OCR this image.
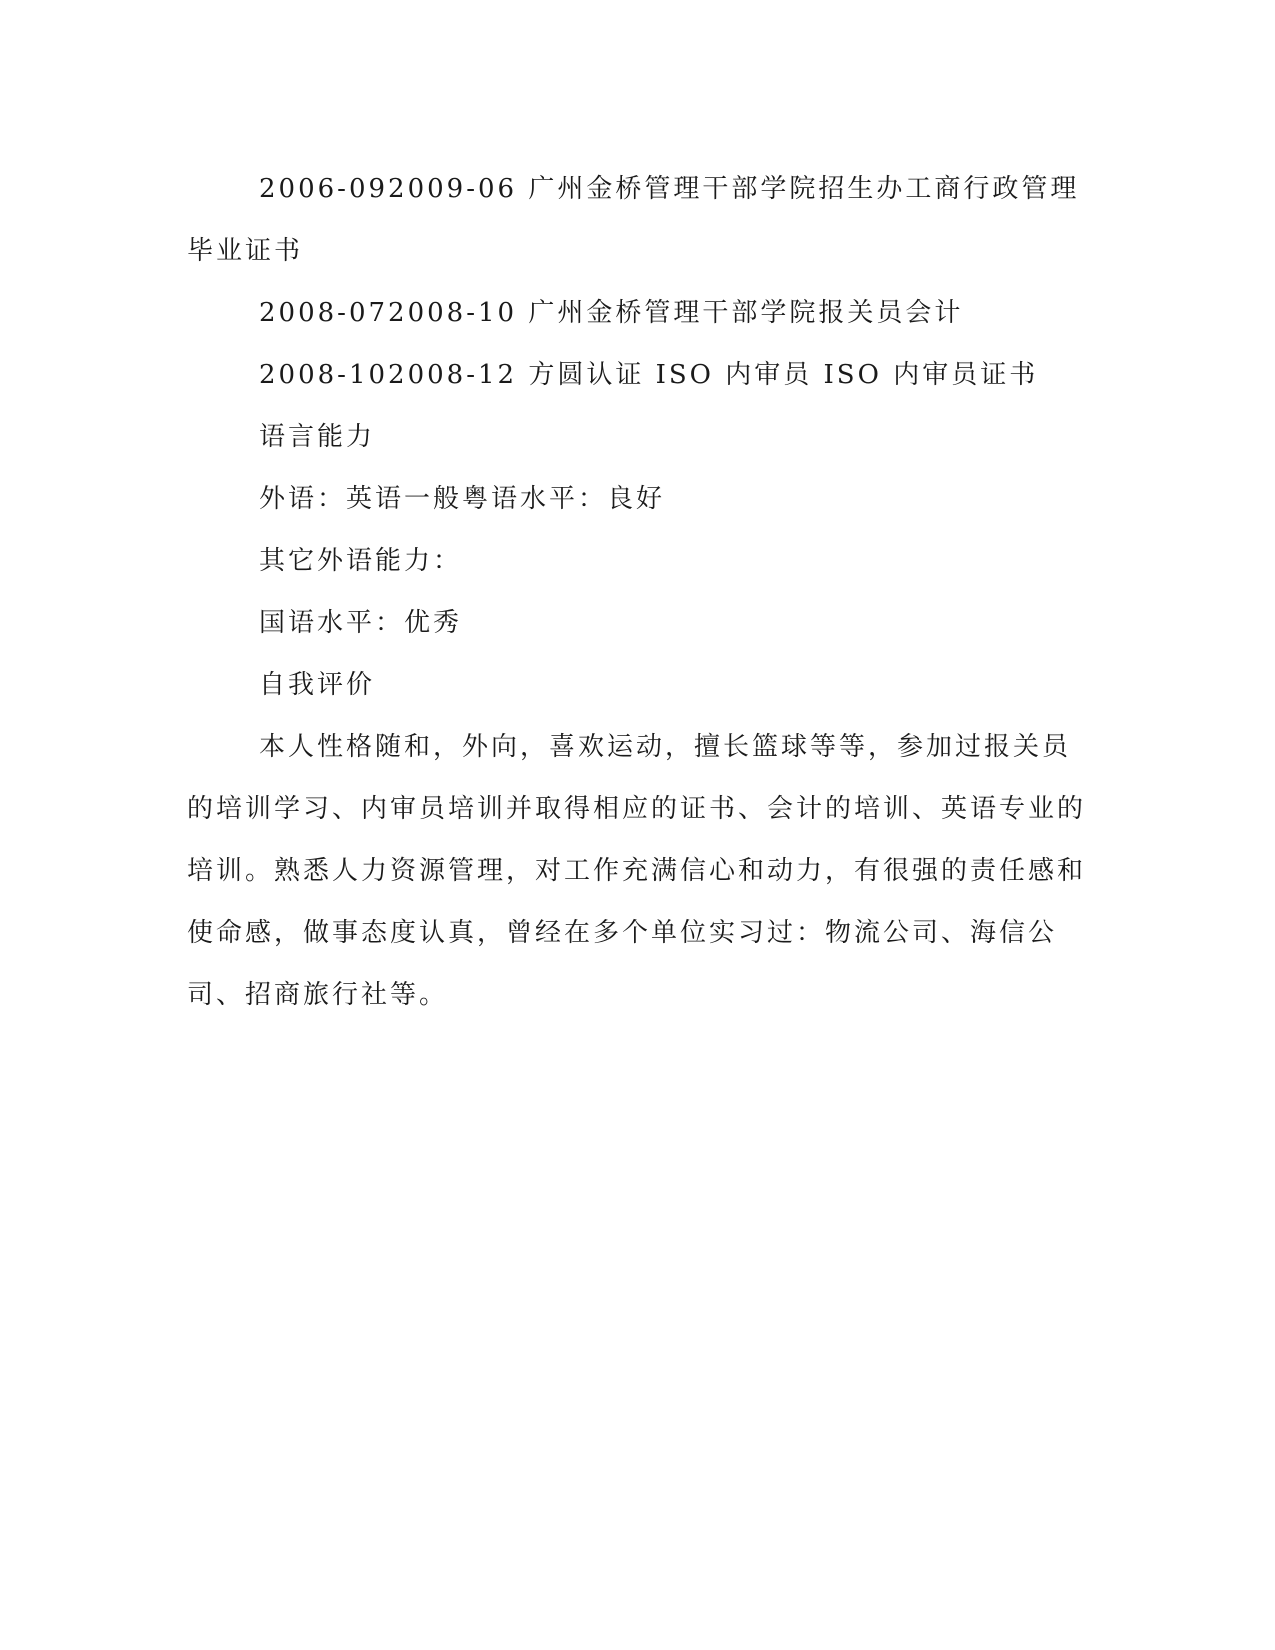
2006-092009-06 广州金桥管理干部学院招生办工商行政管理毕业证书

2008-072008-10 广州金桥管理干部学院报关员会计

2008-102008-12 方圆认证 ISO 内审员 ISO 内审员证书

语言能力

外语：英语一般粤语水平：良好

其它外语能力：

国语水平：优秀

自我评价

本人性格随和，外向，喜欢运动，擅长篮球等等，参加过报关员的培训学习、内审员培训并取得相应的证书、会计的培训、英语专业的培训。熟悉人力资源管理，对工作充满信心和动力，有很强的责任感和使命感，做事态度认真，曾经在多个单位实习过：物流公司、海信公司、招商旅行社等。
